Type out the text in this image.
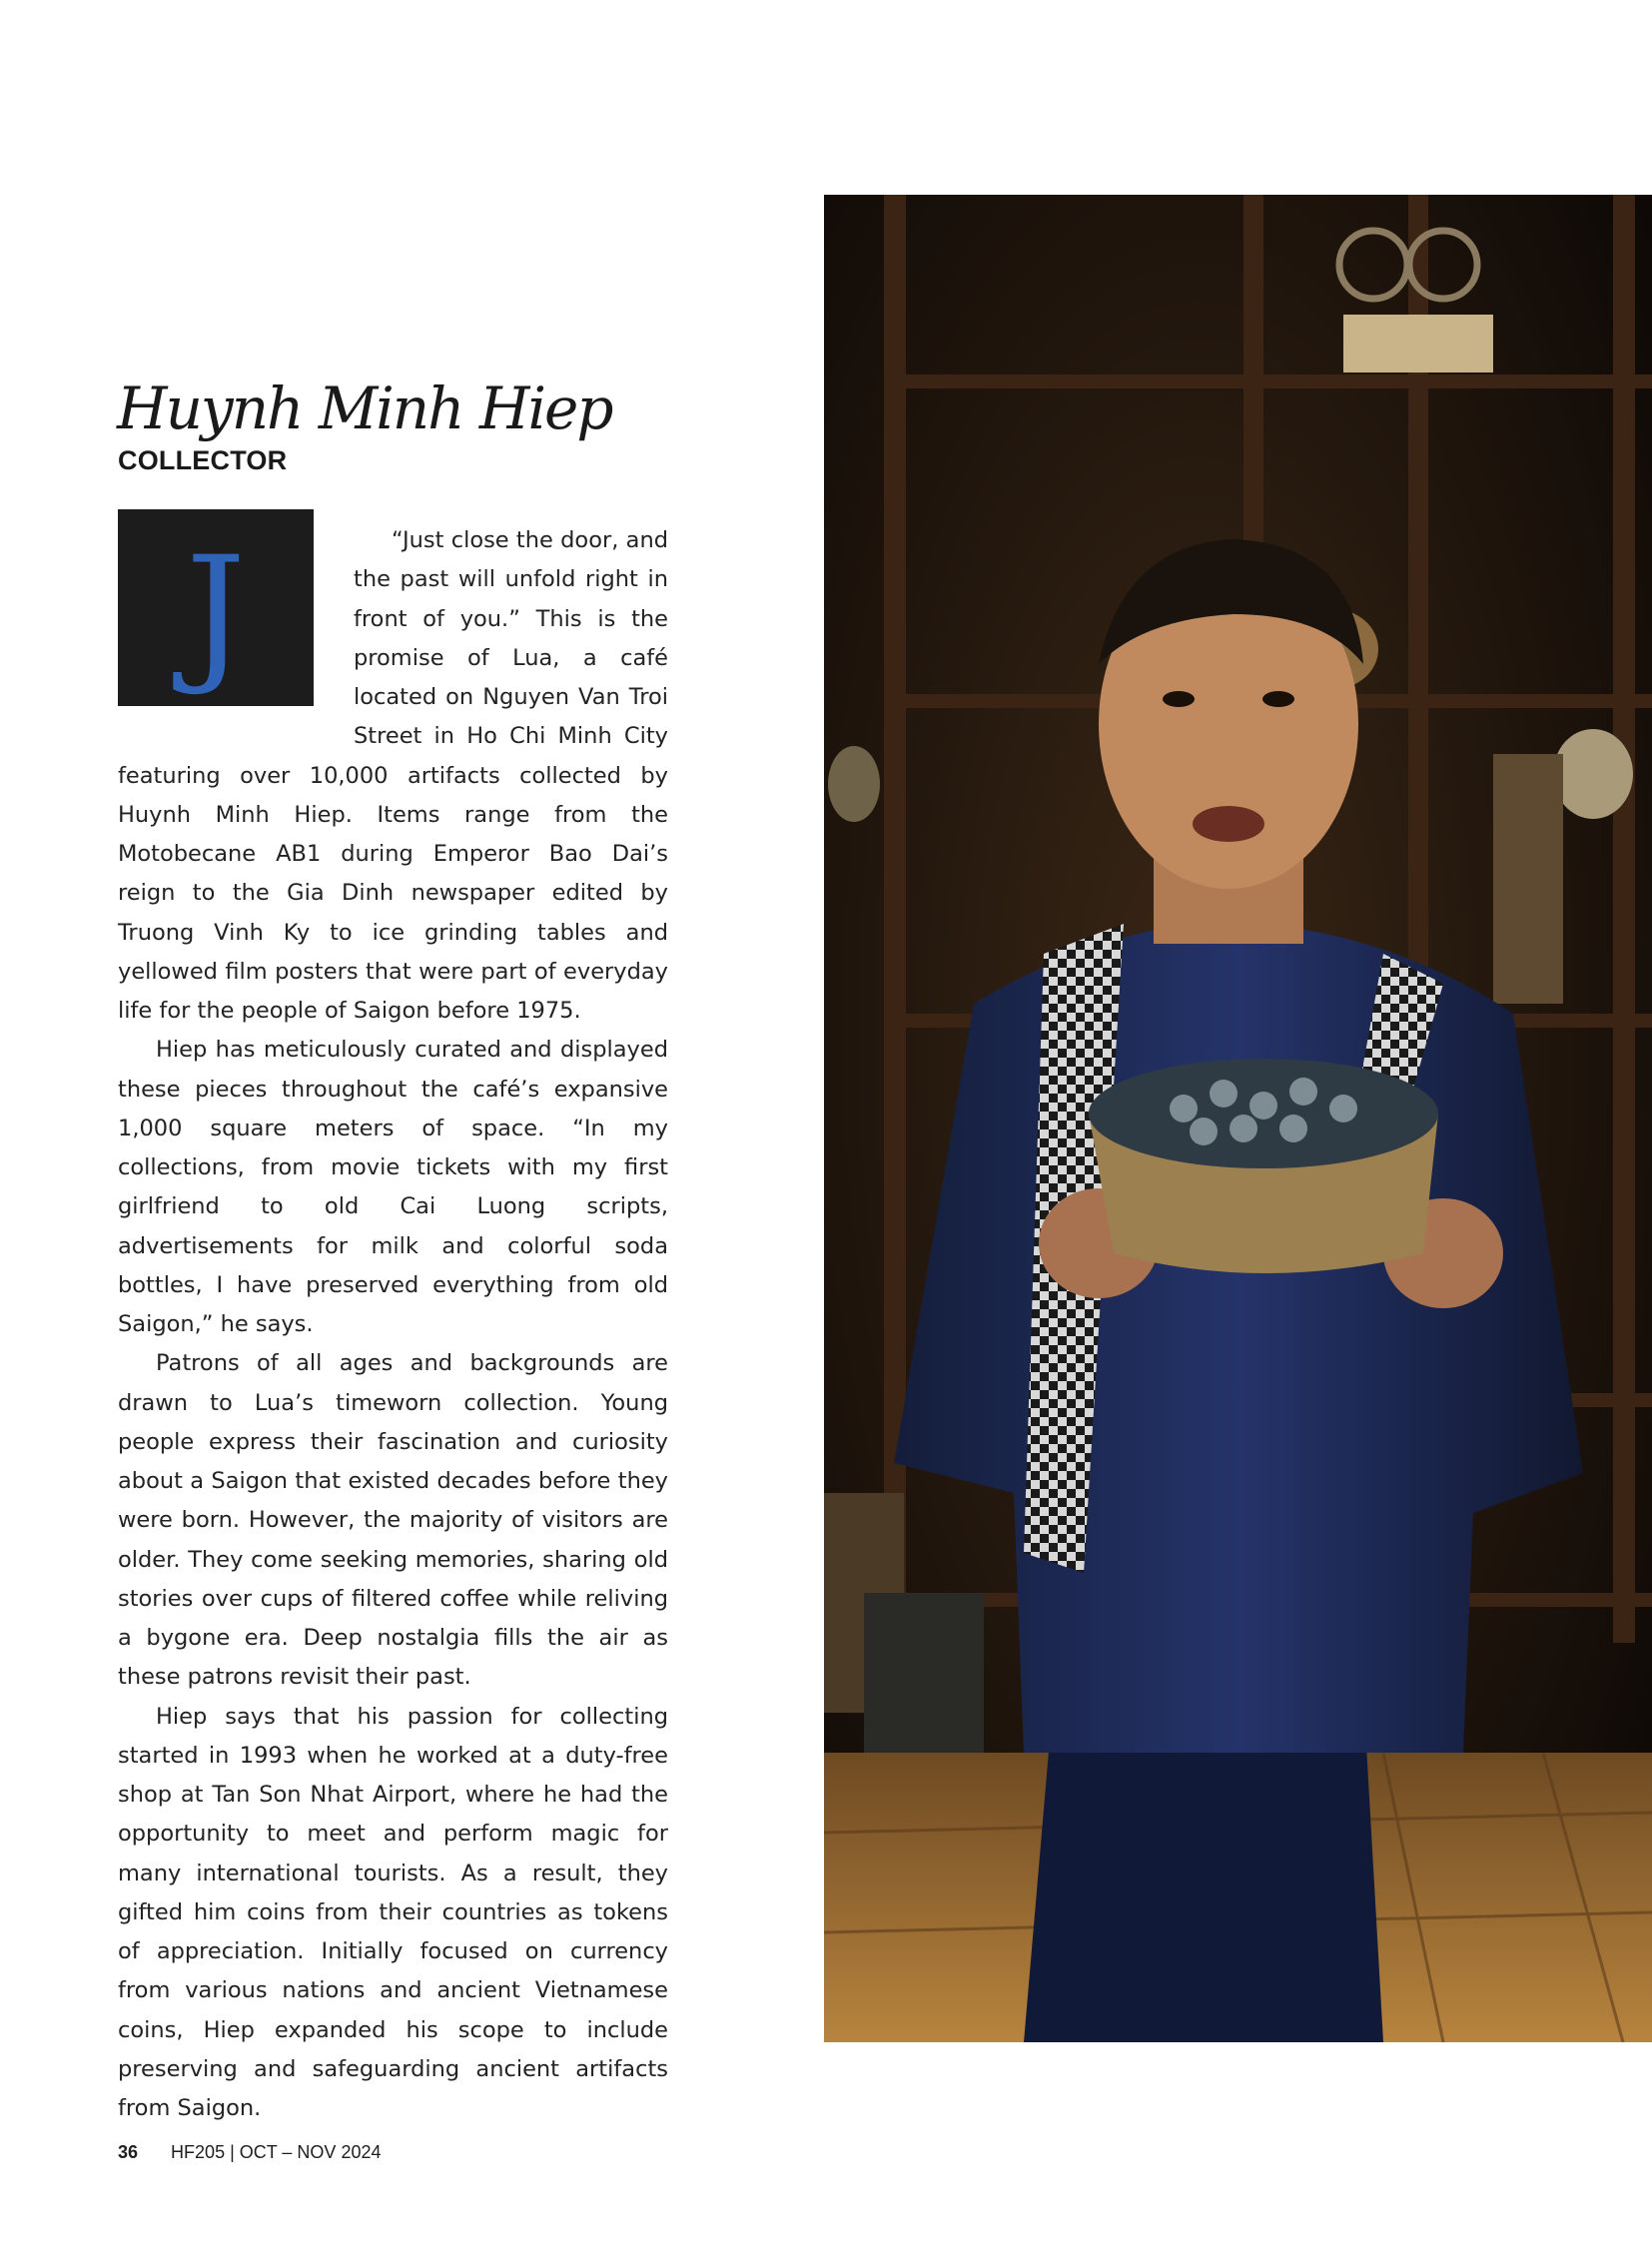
Huynh Minh Hiep
COLLECTOR
J	“Just close the door, and the past will unfold right in front of you.” This is the promise of Lua, a café located on Nguyen Van Troi Street in Ho Chi Minh City featuring over 10,000 artifacts collected by Huynh Minh Hiep. Items range from the Motobecane AB1 during Emperor Bao Dai’s reign to the Gia Dinh newspaper edited by Truong Vinh Ky to ice grinding tables and yellowed film posters that were part of everyday life for the people of Saigon before 1975.

Hiep has meticulously curated and displayed these pieces throughout the café’s expansive 1,000 square meters of space. “In my collections, from movie tickets with my first girlfriend to old Cai Luong scripts, advertisements for milk and colorful soda bottles, I have preserved everything from old Saigon,” he says.

Patrons of all ages and backgrounds are drawn to Lua’s timeworn collection. Young people express their fascination and curiosity about a Saigon that existed decades before they were born. However, the majority of visitors are older. They come seeking memories, sharing old stories over cups of filtered coffee while reliving a bygone era. Deep nostalgia fills the air as these patrons revisit their past.

Hiep says that his passion for collecting started in 1993 when he worked at a duty-free shop at Tan Son Nhat Airport, where he had the opportunity to meet and perform magic for many international tourists. As a result, they gifted him coins from their countries as tokens of appreciation. Initially focused on currency from various nations and ancient Vietnamese coins, Hiep expanded his scope to include preserving and safeguarding ancient artifacts from Saigon.

36 HF205 | OCT – NOV 2024
